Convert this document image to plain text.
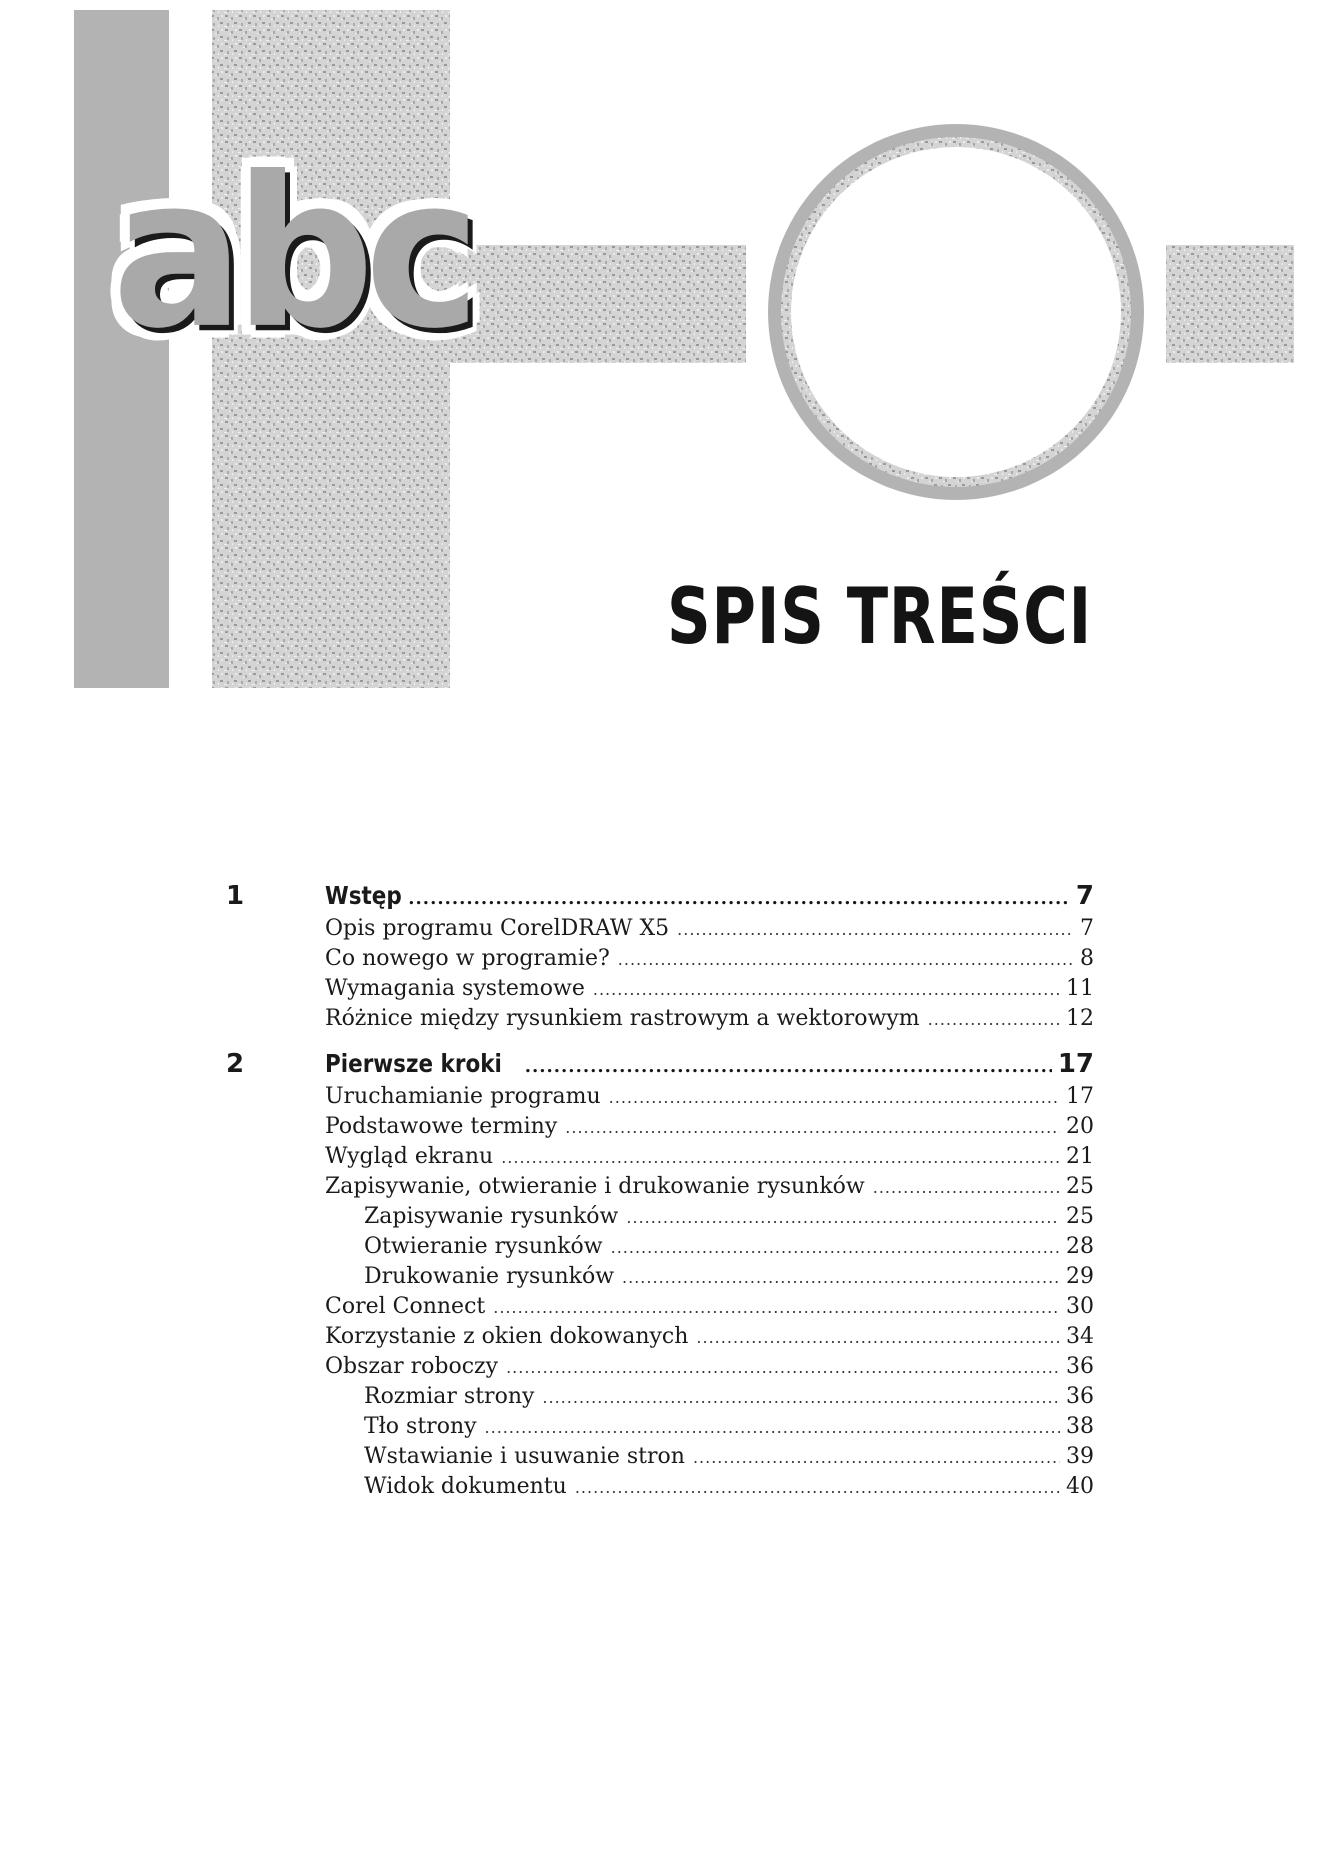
abc
SPIS TREŚCI
1	Wstęp .....	7
Opis programu CorelDRAW X5 .....	7
Co nowego w programie? .....	8
Wymagania systemowe .....	11
Różnice między rysunkiem rastrowym a wektorowym .....	12
2	Pierwsze kroki .....	17
Uruchamianie programu .....	17
Podstawowe terminy .....	20
Wygląd ekranu .....	21
Zapisywanie, otwieranie i drukowanie rysunków .....	25
Zapisywanie rysunków .....	25
Otwieranie rysunków .....	28
Drukowanie rysunków .....	29
Corel Connect .....	30
Korzystanie z okien dokowanych .....	34
Obszar roboczy .....	36
Rozmiar strony .....	36
Tło strony .....	38
Wstawianie i usuwanie stron .....	39
Widok dokumentu .....	40
